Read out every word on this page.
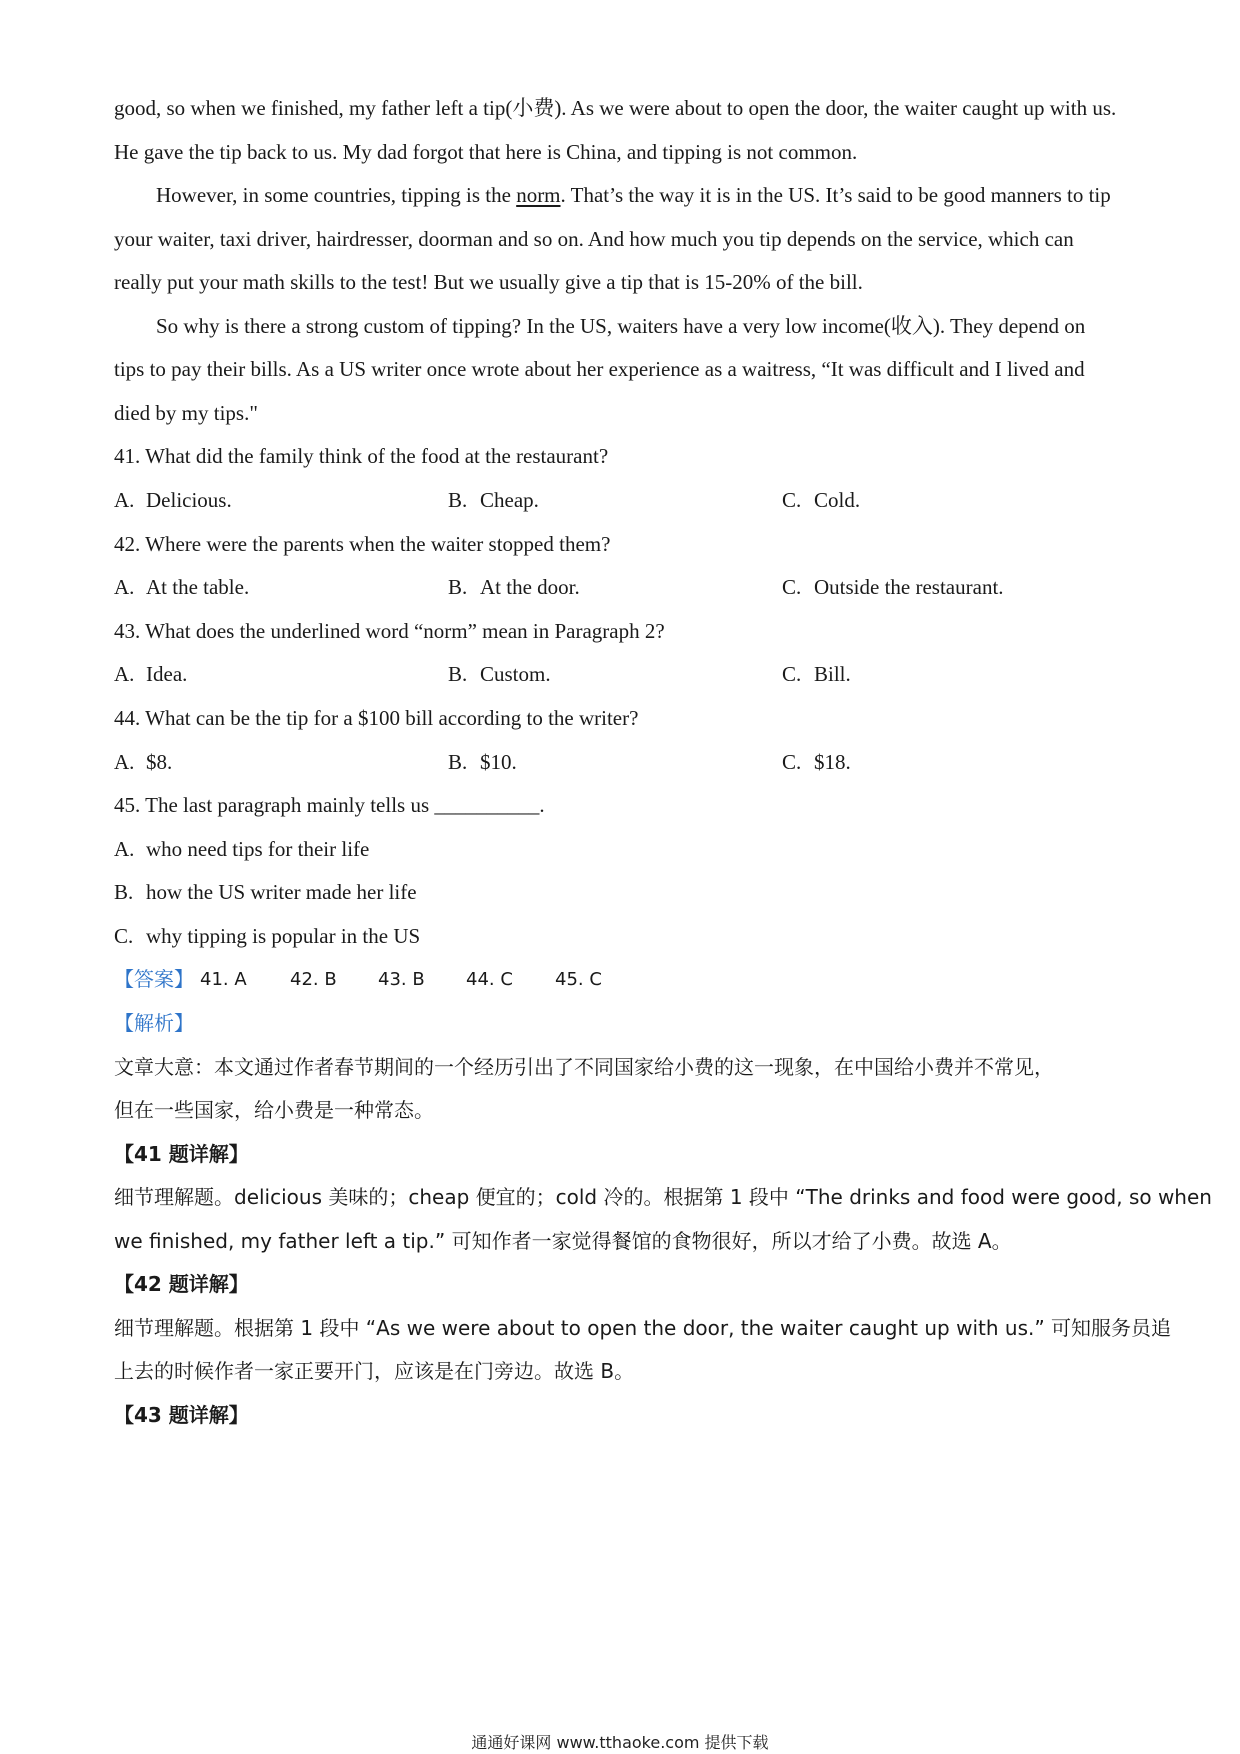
good, so when we finished, my father left a tip(小费). As we were about to open the door, the waiter caught up with us.
He gave the tip back to us. My dad forgot that here is China, and tipping is not common.
However, in some countries, tipping is the norm. That’s the way it is in the US. It’s said to be good manners to tip
your waiter, taxi driver, hairdresser, doorman and so on. And how much you tip depends on the service, which can
really put your math skills to the test! But we usually give a tip that is 15-20% of the bill.
So why is there a strong custom of tipping? In the US, waiters have a very low income(收入). They depend on
tips to pay their bills. As a US writer once wrote about her experience as a waitress, “It was difficult and I lived and
died by my tips."
41. What did the family think of the food at the restaurant?
A. Delicious.	B. Cheap.	C. Cold.
42. Where were the parents when the waiter stopped them?
A. At the table.	B. At the door.	C. Outside the restaurant.
43. What does the underlined word “norm” mean in Paragraph 2?
A. Idea.	B. Custom.	C. Bill.
44. What can be the tip for a $100 bill according to the writer?
A. $8.	B. $10.	C. $18.
45. The last paragraph mainly tells us __________.
A. who need tips for their life
B. how the US writer made her life
C. why tipping is popular in the US
【答案】 41. A 42. B 43. B 44. C 45. C
【解析】
文章大意：本文通过作者春节期间的一个经历引出了不同国家给小费的这一现象，在中国给小费并不常见，
但在一些国家，给小费是一种常态。
【41 题详解】
细节理解题。delicious 美味的；cheap 便宜的；cold 冷的。根据第 1 段中 “The drinks and food were good, so when
we finished, my father left a tip.” 可知作者一家觉得餐馆的食物很好，所以才给了小费。故选 A。
【42 题详解】
细节理解题。根据第 1 段中 “As we were about to open the door, the waiter caught up with us.” 可知服务员追
上去的时候作者一家正要开门，应该是在门旁边。故选 B。
【43 题详解】
通通好课网 www.tthaoke.com 提供下载
